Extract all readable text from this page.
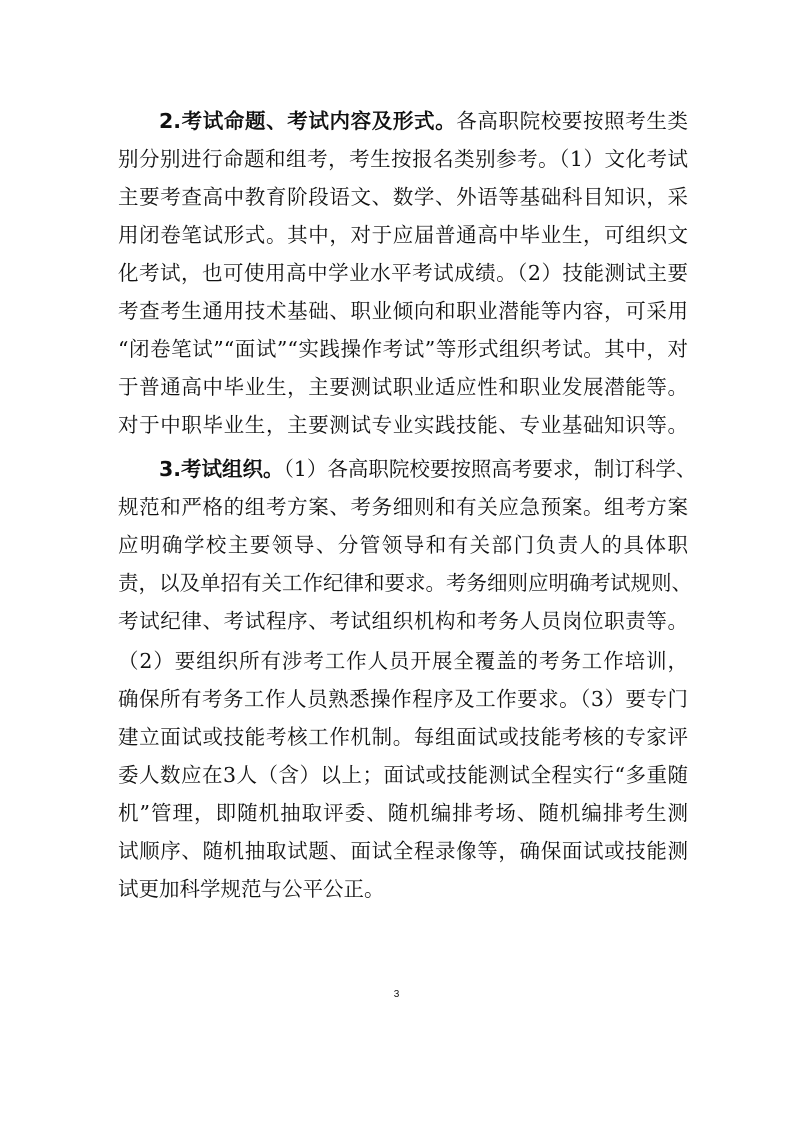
2.考试命题、考试内容及形式。各高职院校要按照考生类
别分别进行命题和组考，考生按报名类别参考。（1）文化考试
主要考查高中教育阶段语文、数学、外语等基础科目知识，采
用闭卷笔试形式。其中，对于应届普通高中毕业生，可组织文
化考试，也可使用高中学业水平考试成绩。（2）技能测试主要
考查考生通用技术基础、职业倾向和职业潜能等内容，可采用
“闭卷笔试”“面试”“实践操作考试”等形式组织考试。其中，对
于普通高中毕业生，主要测试职业适应性和职业发展潜能等。
对于中职毕业生，主要测试专业实践技能、专业基础知识等。
3.考试组织。（1）各高职院校要按照高考要求，制订科学、
规范和严格的组考方案、考务细则和有关应急预案。组考方案
应明确学校主要领导、分管领导和有关部门负责人的具体职
责，以及单招有关工作纪律和要求。考务细则应明确考试规则、
考试纪律、考试程序、考试组织机构和考务人员岗位职责等。
（2）要组织所有涉考工作人员开展全覆盖的考务工作培训，
确保所有考务工作人员熟悉操作程序及工作要求。（3）要专门
建立面试或技能考核工作机制。每组面试或技能考核的专家评
委人数应在3人（含）以上；面试或技能测试全程实行“多重随
机”管理，即随机抽取评委、随机编排考场、随机编排考生测
试顺序、随机抽取试题、面试全程录像等，确保面试或技能测
试更加科学规范与公平公正。
3
